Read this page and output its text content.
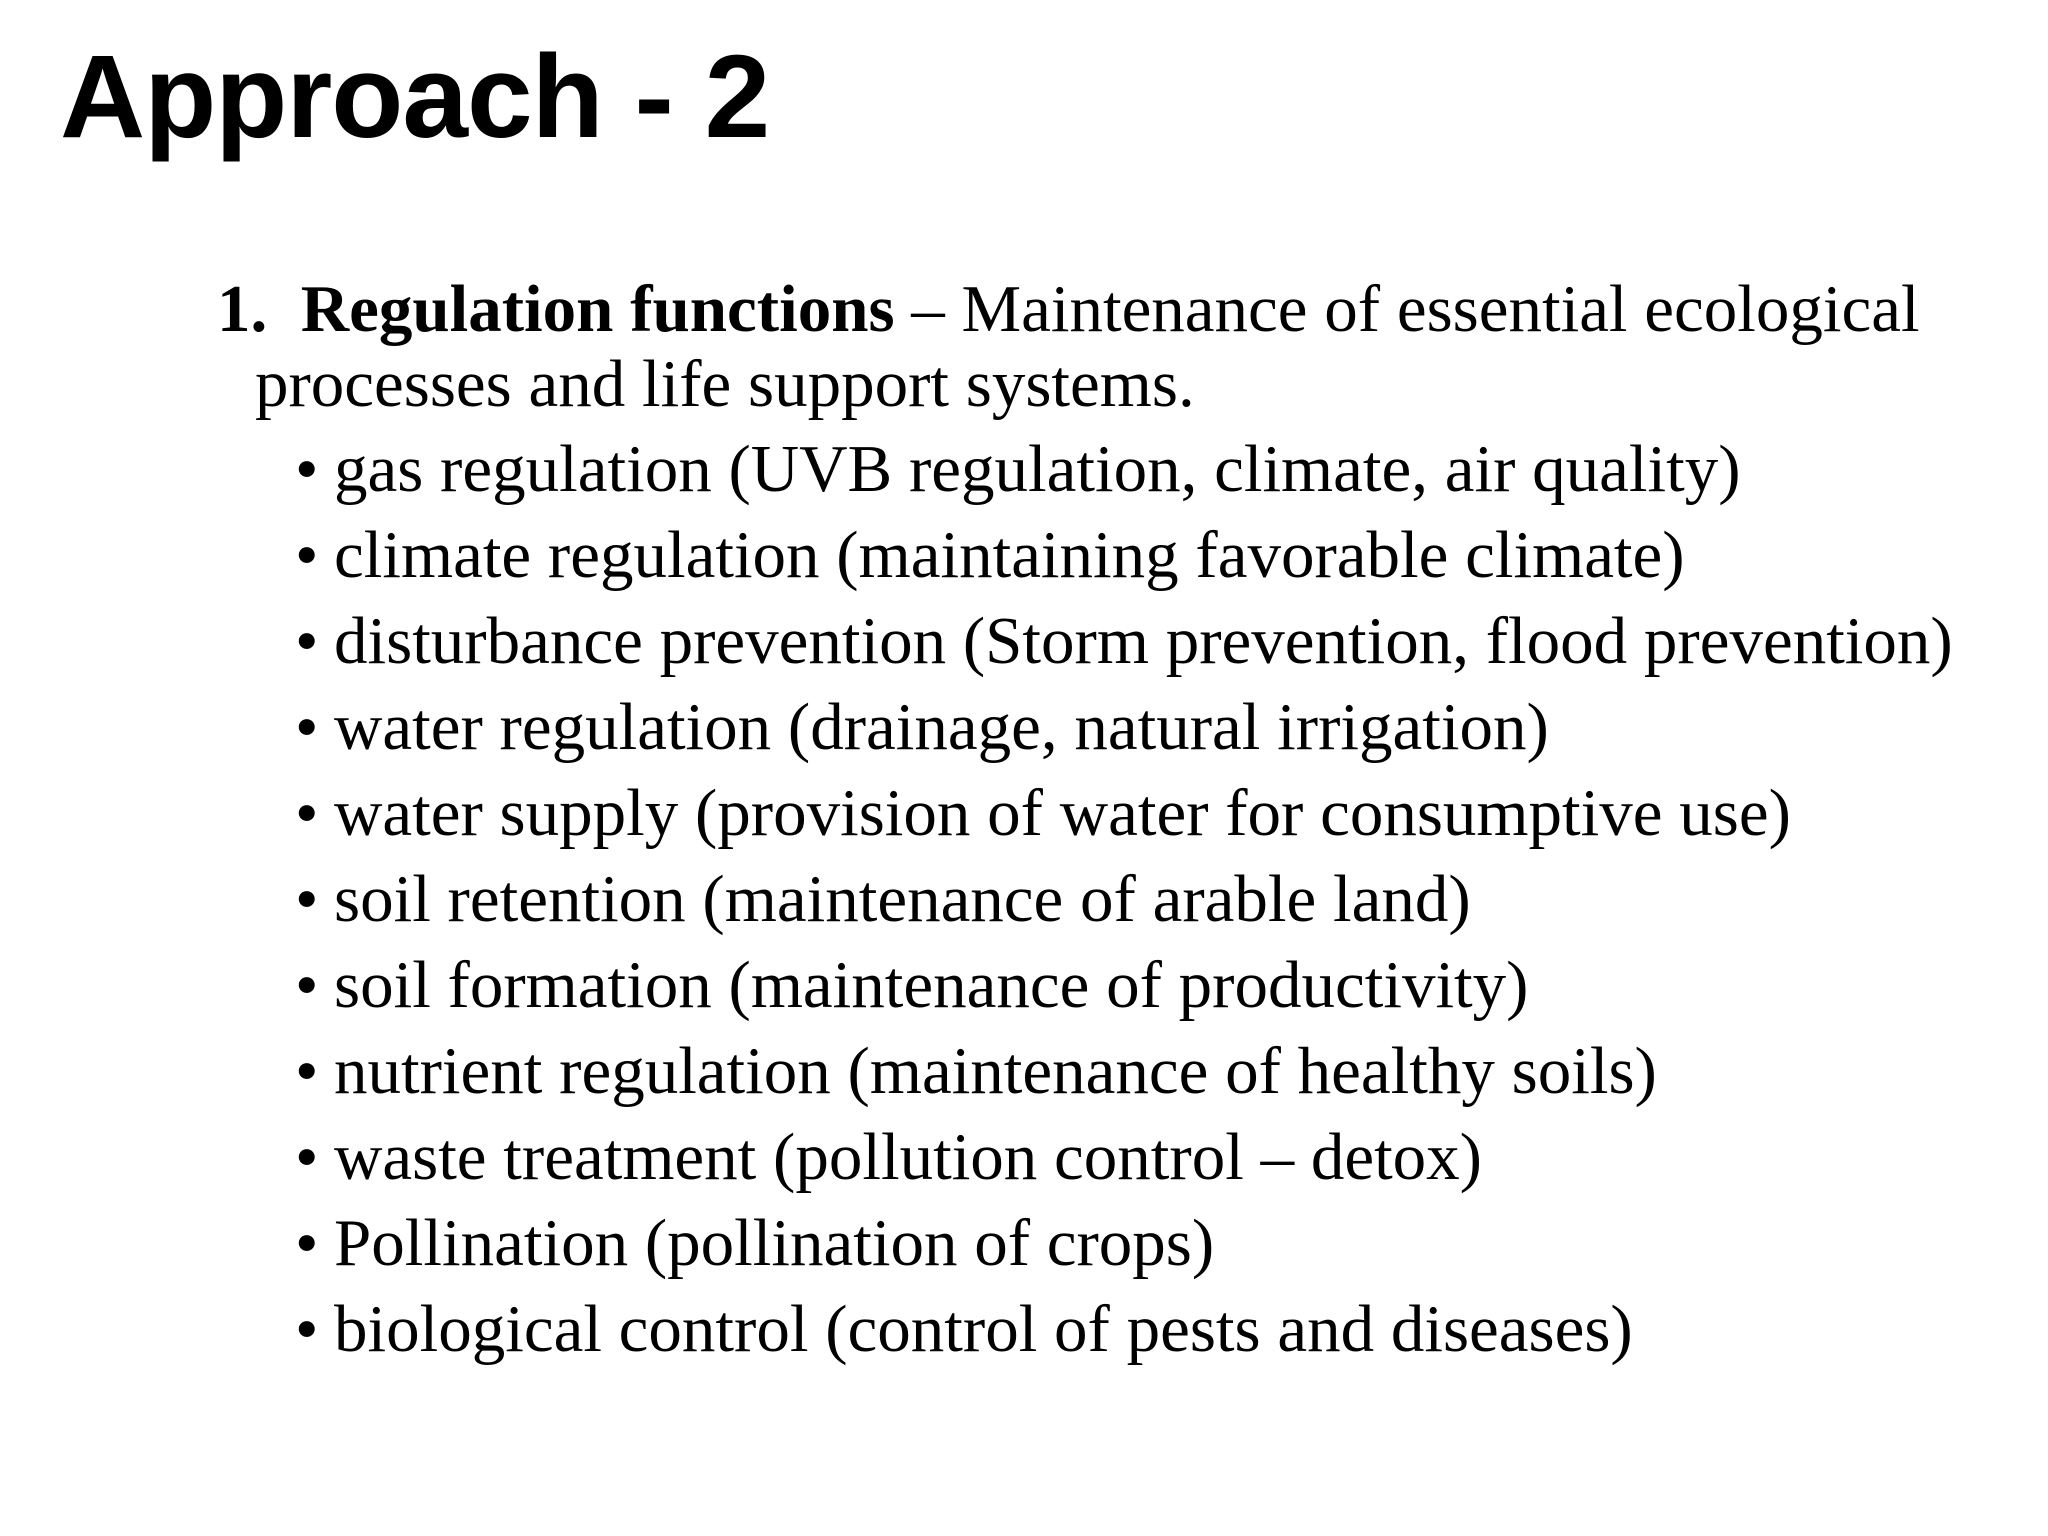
Approach - 2

1. Regulation functions – Maintenance of essential ecological processes and life support systems.

• gas regulation (UVB regulation, climate, air quality)
• climate regulation (maintaining favorable climate)
• disturbance prevention (Storm prevention, flood prevention)
• water regulation (drainage, natural irrigation)
• water supply (provision of water for consumptive use)
• soil retention (maintenance of arable land)
• soil formation (maintenance of productivity)
• nutrient regulation (maintenance of healthy soils)
• waste treatment (pollution control – detox)
• Pollination (pollination of crops)
• biological control (control of pests and diseases)
